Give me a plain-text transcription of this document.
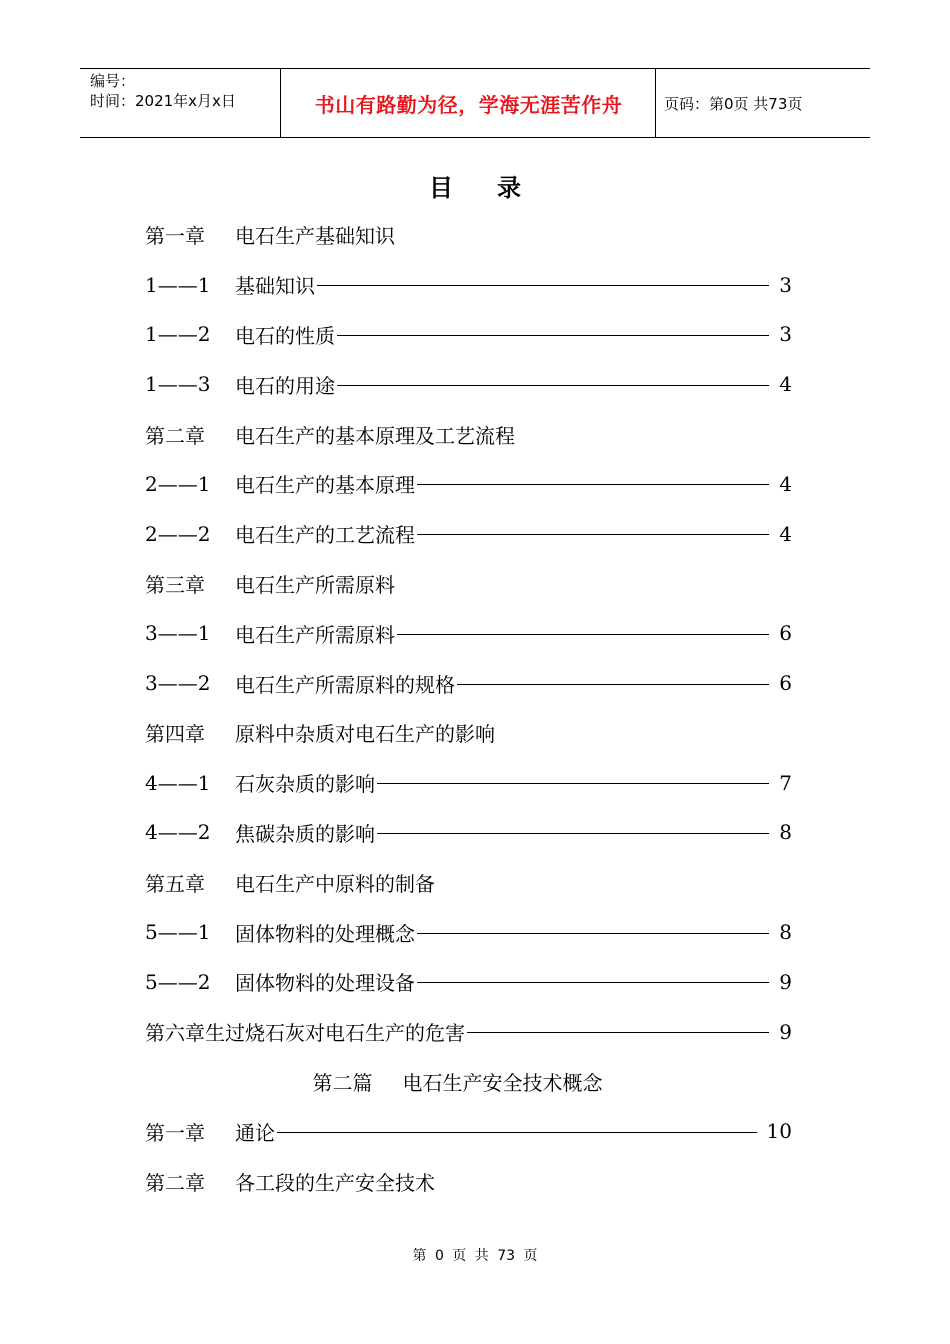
编号：
时间：2021年x月x日	书山有路勤为径，学海无涯苦作舟	页码：第0页 共73页
目录
第一章	电石生产基础知识
1——1	基础知识	3
1——2	电石的性质	3
1——3	电石的用途	4
第二章	电石生产的基本原理及工艺流程
2——1	电石生产的基本原理	4
2——2	电石生产的工艺流程	4
第三章	电石生产所需原料
3——1	电石生产所需原料	6
3——2	电石生产所需原料的规格	6
第四章	原料中杂质对电石生产的影响
4——1	石灰杂质的影响	7
4——2	焦碳杂质的影响	8
第五章	电石生产中原料的制备
5——1	固体物料的处理概念	8
5——2	固体物料的处理设备	9
第六章生过烧石灰对电石生产的危害	9
第二篇	电石生产安全技术概念
第一章	通论	10
第二章	各工段的生产安全技术
第 0 页 共 73 页
